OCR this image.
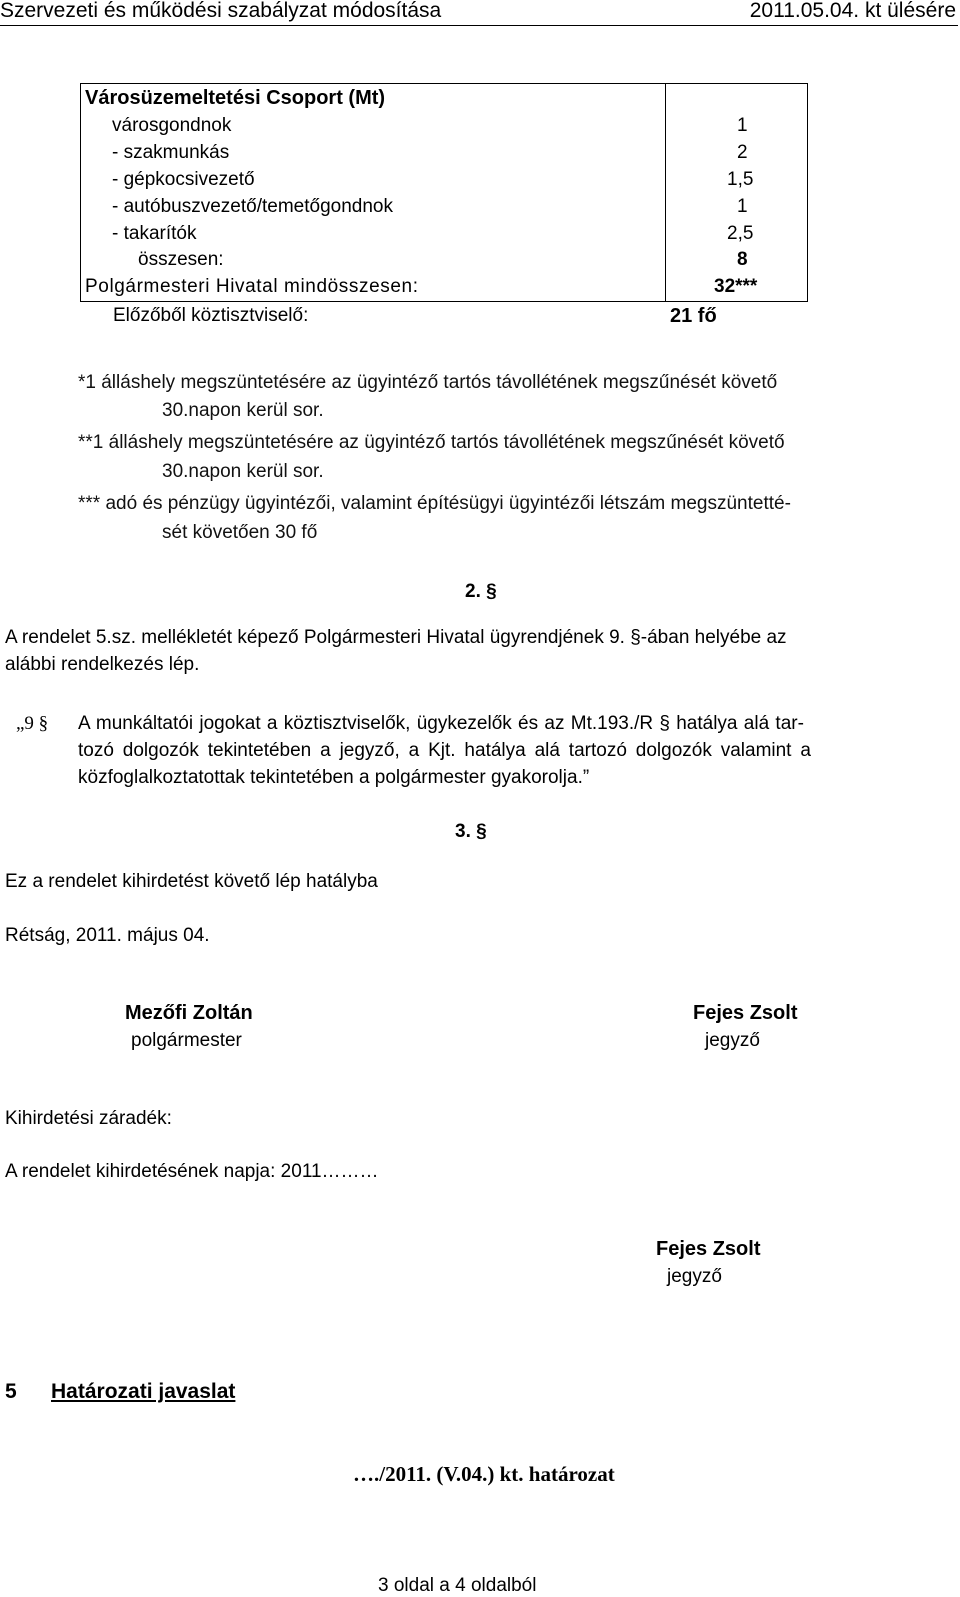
Szervezeti és működési szabályzat módosítása	2011.05.04. kt ülésére
Városüzemeltetési Csoport (Mt)
városgondnok	1
- szakmunkás	2
- gépkocsivezető	1,5
- autóbuszvezető/temetőgondnok	1
- takarítók	2,5
összesen:	8
Polgármesteri Hivatal mindösszesen:	32***
Előzőből köztisztviselő:	21 fő
*1 álláshely megszüntetésére az ügyintéző tartós távollétének megszűnését követő
30.napon kerül sor.
**1 álláshely megszüntetésére az ügyintéző tartós távollétének megszűnését követő
30.napon kerül sor.
*** adó és pénzügy ügyintézői, valamint építésügyi ügyintézői létszám megszüntetté-
sét követően 30 fő
2. §
A rendelet 5.sz. mellékletét képező Polgármesteri Hivatal ügyrendjének 9. §-ában helyébe az
alábbi rendelkezés lép.
„9 § A munkáltatói jogokat a köztisztviselők, ügykezelők és az Mt.193./R § hatálya alá tar-
tozó dolgozók tekintetében a jegyző, a Kjt. hatálya alá tartozó dolgozók valamint a
közfoglalkoztatottak tekintetében a polgármester gyakorolja.”
3. §
Ez a rendelet kihirdetést követő lép hatályba
Rétság, 2011. május 04.
Mezőfi Zoltán
polgármester
Fejes Zsolt
jegyző
Kihirdetési záradék:
A rendelet kihirdetésének napja: 2011………
Fejes Zsolt
jegyző
5 Határozati javaslat
…./2011. (V.04.) kt. határozat
3 oldal a 4 oldalból
